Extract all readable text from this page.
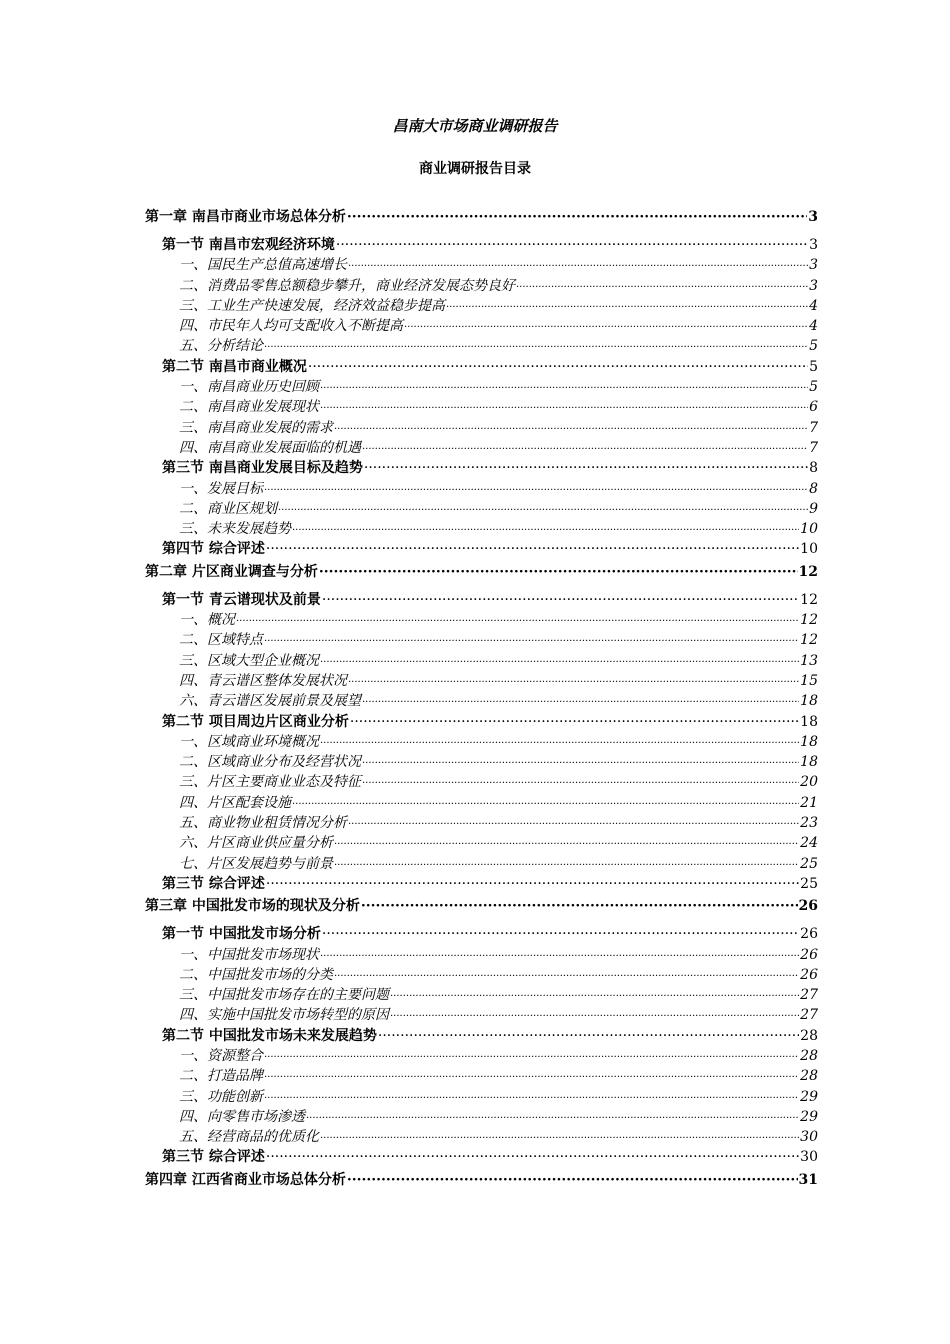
昌南大市场商业调研报告
商业调研报告目录
第一章 南昌市商业市场总体分析 ·····	3
第一节 南昌市宏观经济环境 ·····	3
一、国民生产总值高速增长 ·····	3
二、消费品零售总额稳步攀升，商业经济发展态势良好 ·····	3
三、工业生产快速发展，经济效益稳步提高 ·····	4
四、市民年人均可支配收入不断提高 ·····	4
五、分析结论 ·····	5
第二节 南昌市商业概况 ·····	5
一、南昌商业历史回顾 ·····	5
二、南昌商业发展现状 ·····	6
三、南昌商业发展的需求 ·····	7
四、南昌商业发展面临的机遇 ·····	7
第三节 南昌商业发展目标及趋势 ·····	8
一、发展目标 ·····	8
二、商业区规划 ·····	9
三、未来发展趋势 ·····	10
第四节 综合评述 ·····	10
第二章 片区商业调查与分析 ·····	12
第一节 青云谱现状及前景 ·····	12
一、概况 ·····	12
二、区域特点 ·····	12
三、区域大型企业概况 ·····	13
四、青云谱区整体发展状况 ·····	15
六、青云谱区发展前景及展望 ·····	18
第二节 项目周边片区商业分析 ·····	18
一、区域商业环境概况 ·····	18
二、区域商业分布及经营状况 ·····	18
三、片区主要商业业态及特征 ·····	20
四、片区配套设施 ·····	21
五、商业物业租赁情况分析 ·····	23
六、片区商业供应量分析 ·····	24
七、片区发展趋势与前景 ·····	25
第三节 综合评述 ·····	25
第三章 中国批发市场的现状及分析 ·····	26
第一节 中国批发市场分析 ·····	26
一、中国批发市场现状 ·····	26
二、中国批发市场的分类 ·····	26
三、中国批发市场存在的主要问题 ·····	27
四、实施中国批发市场转型的原因 ·····	27
第二节 中国批发市场未来发展趋势 ·····	28
一、资源整合 ·····	28
二、打造品牌 ·····	28
三、功能创新 ·····	29
四、向零售市场渗透 ·····	29
五、经营商品的优质化 ·····	30
第三节 综合评述 ·····	30
第四章 江西省商业市场总体分析 ·····	31
